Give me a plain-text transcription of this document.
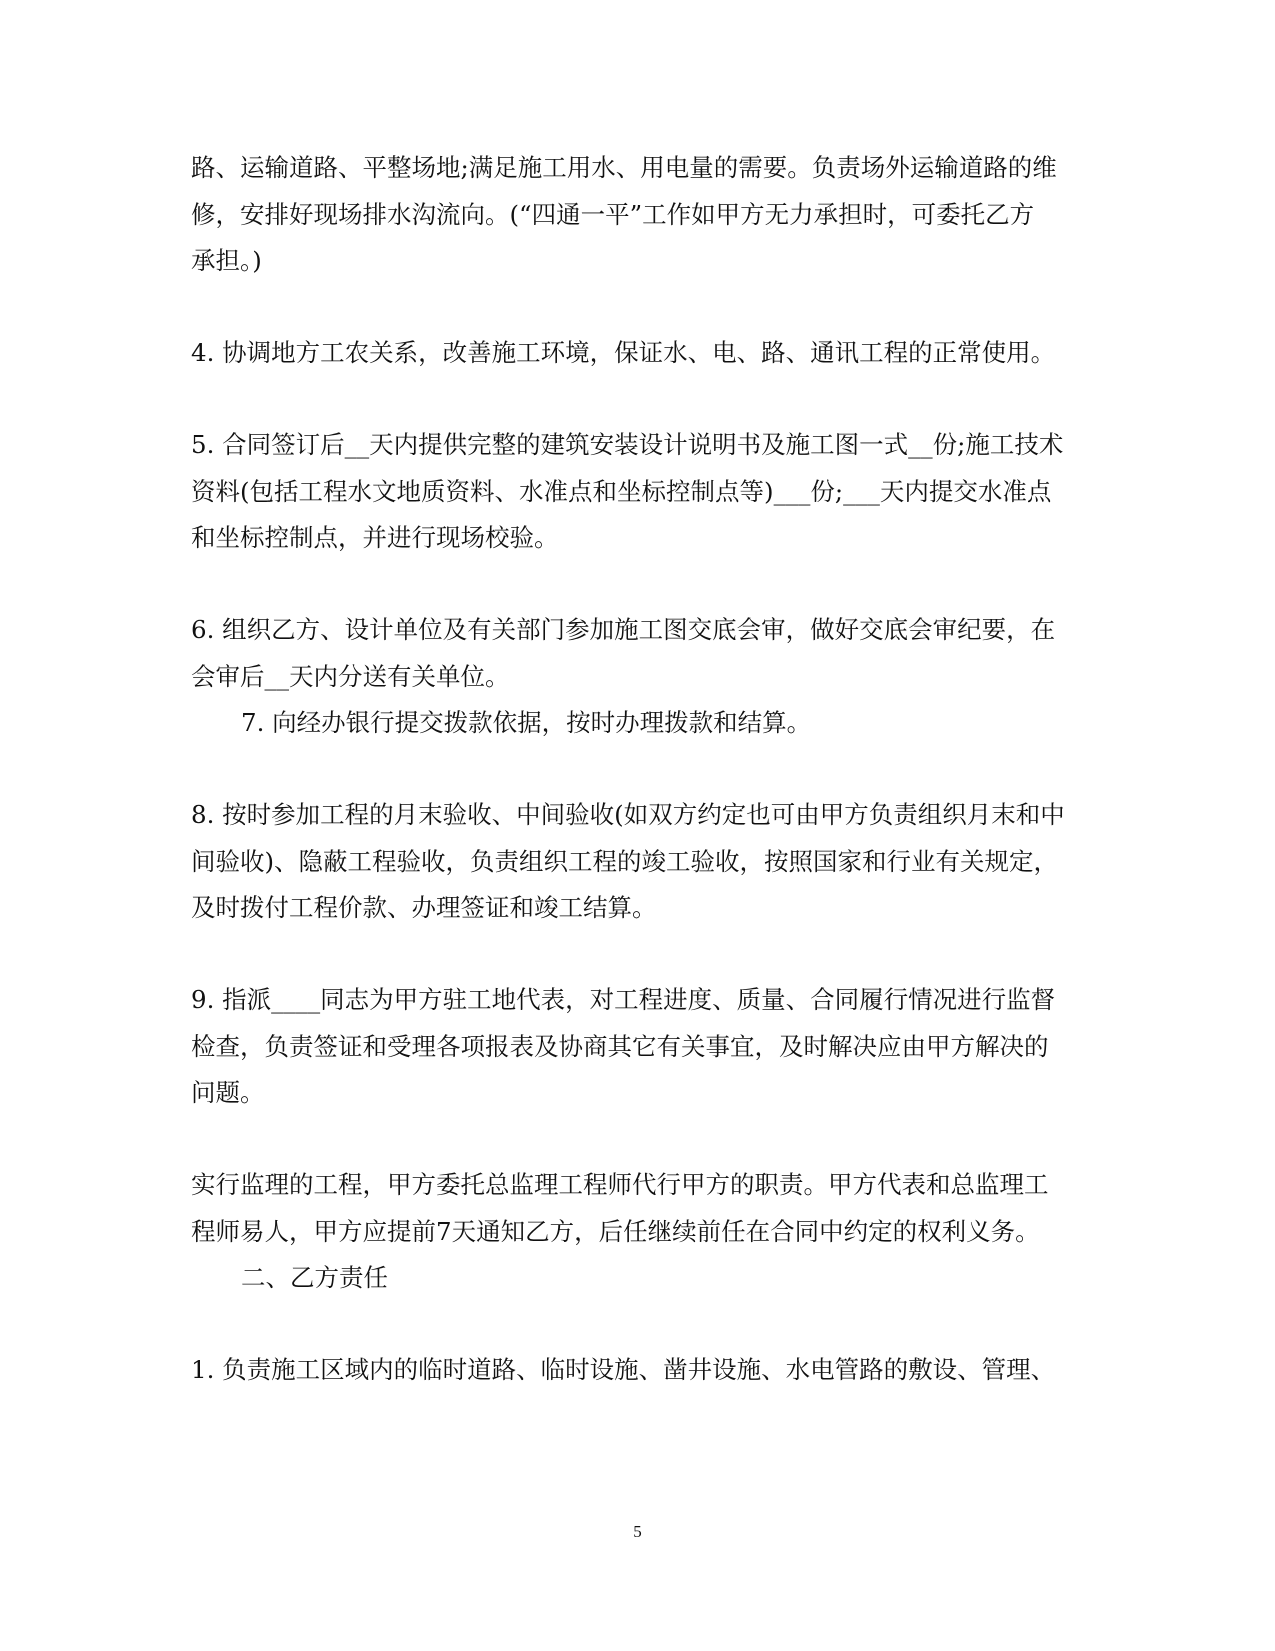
路、运输道路、平整场地;满足施工用水、用电量的需要。负责场外运输道路的维
修，安排好现场排水沟流向。(“四通一平”工作如甲方无力承担时，可委托乙方
承担。)
4. 协调地方工农关系，改善施工环境，保证水、电、路、通讯工程的正常使用。
5. 合同签订后__天内提供完整的建筑安装设计说明书及施工图一式__份;施工技术
资料(包括工程水文地质资料、水准点和坐标控制点等)___份;___天内提交水准点
和坐标控制点，并进行现场校验。
6. 组织乙方、设计单位及有关部门参加施工图交底会审，做好交底会审纪要，在
会审后__天内分送有关单位。
7. 向经办银行提交拨款依据，按时办理拨款和结算。
8. 按时参加工程的月末验收、中间验收(如双方约定也可由甲方负责组织月末和中
间验收)、隐蔽工程验收，负责组织工程的竣工验收，按照国家和行业有关规定，
及时拨付工程价款、办理签证和竣工结算。
9. 指派____同志为甲方驻工地代表，对工程进度、质量、合同履行情况进行监督
检查，负责签证和受理各项报表及协商其它有关事宜，及时解决应由甲方解决的
问题。
实行监理的工程，甲方委托总监理工程师代行甲方的职责。甲方代表和总监理工
程师易人，甲方应提前7天通知乙方，后任继续前任在合同中约定的权利义务。
二、乙方责任
1. 负责施工区域内的临时道路、临时设施、凿井设施、水电管路的敷设、管理、
5
